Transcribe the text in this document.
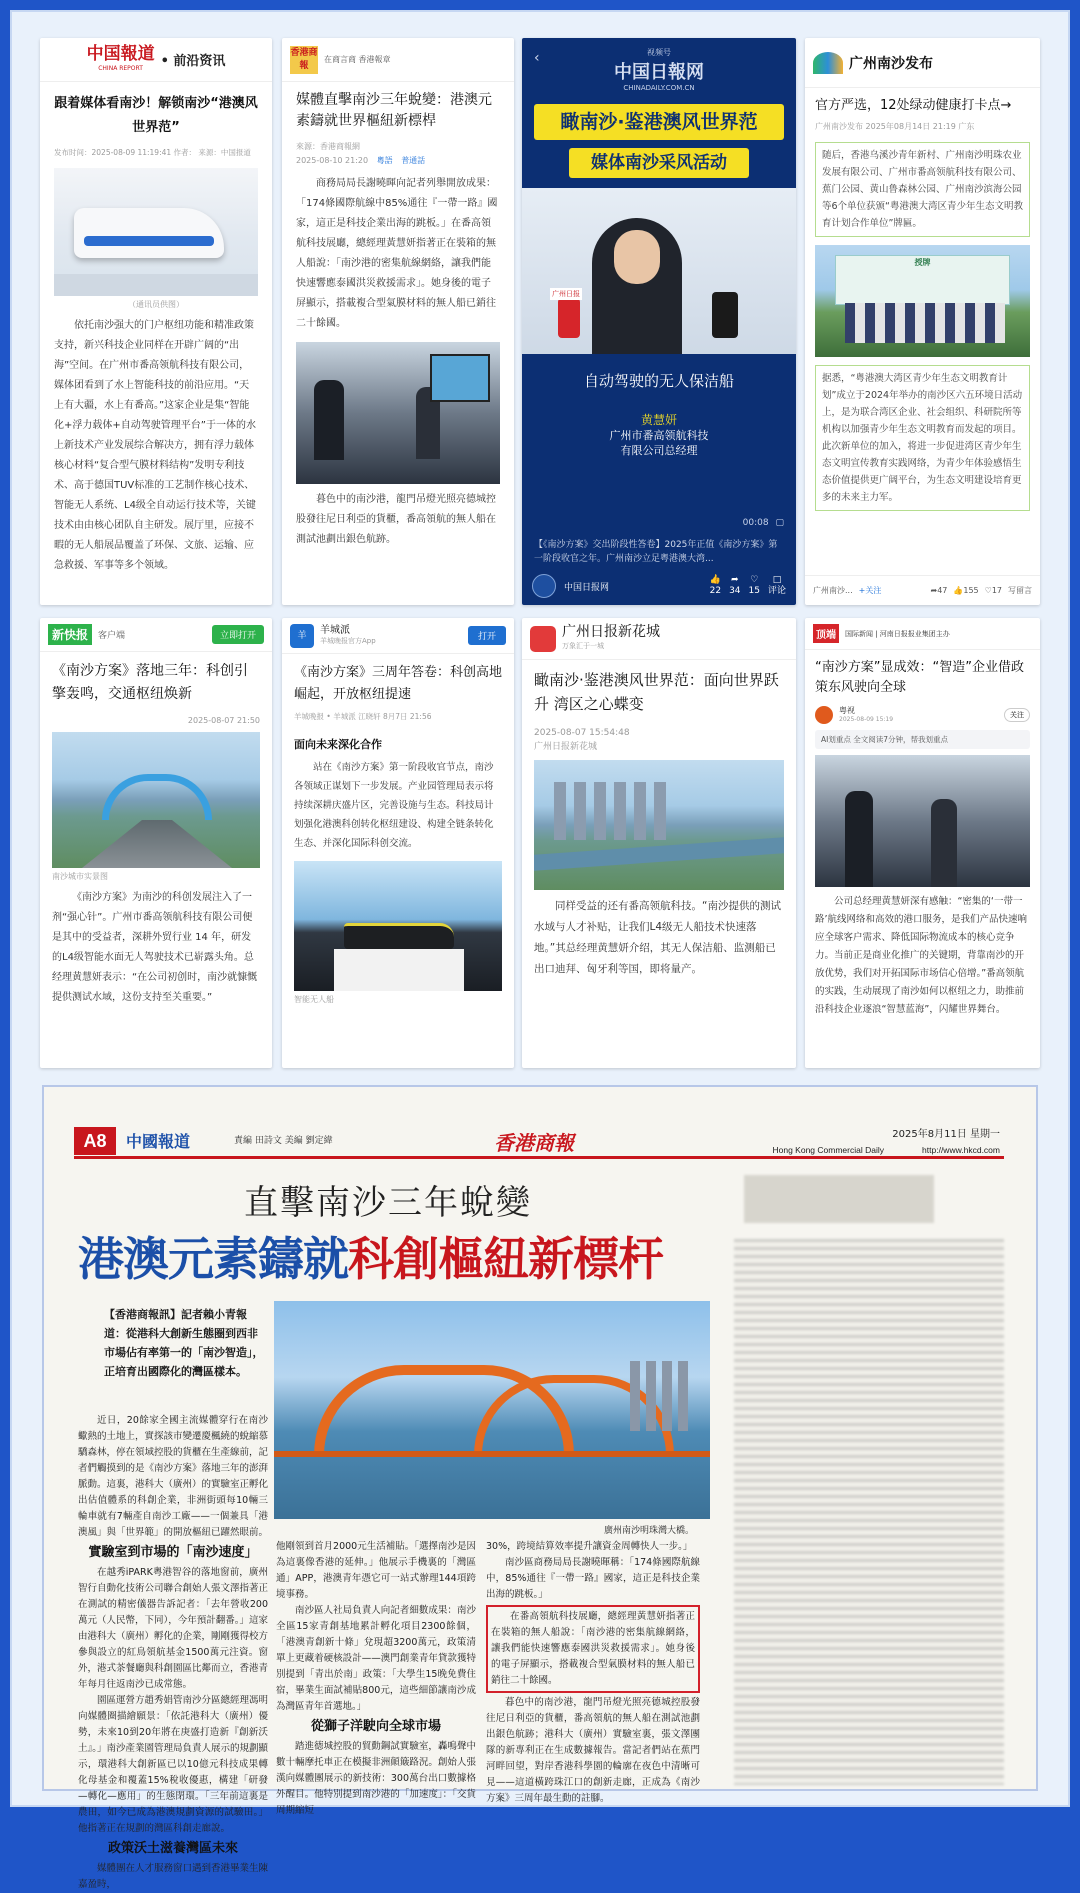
中国報道
CHINA REPORT	• 前沿资讯
跟着媒体看南沙！解锁南沙“港澳风世界范”
发布时间：2025-08-09 11:19:41 作者： 来源：中国报道
（通讯员供图）
依托南沙强大的门户枢纽功能和精准政策支持，新兴科技企业同样在开辟广阔的“出海”空间。在广州市番高领航科技有限公司，媒体团看到了水上智能科技的前沿应用。“天上有大疆，水上有番高。”这家企业是集“智能化+浮力载体+自动驾驶管理平台”于一体的水上新技术产业发展综合解决方，拥有浮力载体核心材料“复合型气膜材料结构”发明专利技术、高于德国TUV标准的工艺制作核心技术、智能无人系统、L4级全自动运行技术等，关键技术由由核心团队自主研发。展厅里，应接不暇的无人船展品覆盖了环保、文旅、运输、应急救援、军事等多个领域。
香港商報
在商言商 香港報章
媒體直擊南沙三年蛻變：港澳元素鑄就世界樞紐新標桿
來源：香港商報網
2025-08-10 21:20 粵語 普通話
商務局局長謝曉暉向記者列舉開放成果：「174條國際航線中85%通往『一帶一路』國家，這正是科技企業出海的跳板。」在番高領航科技展廳，總經理黃慧妍指著正在裝箱的無人船說：「南沙港的密集航線網絡，讓我們能快速響應泰國洪災救援需求」。她身後的電子屏顯示，搭載複合型氣膜材料的無人船已銷往二十餘國。
暮色中的南沙港，龍門吊燈光照亮德城控股發往尼日利亞的貨櫃，番高領航的無人船在測試池劃出銀色航跡。
‹	视频号
中国日報网
CHINADAILY.COM.CN
瞰南沙·鉴港澳风世界范
媒体南沙采风活动
广州日报
自动驾驶的无人保洁船
黄慧妍
广州市番高领航科技
有限公司总经理
00:08 ▢
【《南沙方案》交出阶段性答卷】2025年正值《南沙方案》第一阶段收官之年。广州南沙立足粤港澳大湾...
中国日报网
👍
22
➦
34
♡
15
□
评论
广州南沙发布
官方严选，12处绿动健康打卡点→
广州南沙发布 2025年08月14日 21:19 广东
随后，香港乌溪沙青年新村、广州南沙明珠农业发展有限公司、广州市番高领航科技有限公司、蕉门公园、黄山鲁森林公园、广州南沙滨海公园等6个单位获颁“粤港澳大湾区青少年生态文明教育计划合作单位”牌匾。
授牌
据悉，“粤港澳大湾区青少年生态文明教育计划”成立于2024年举办的南沙区六五环境日活动上，是为联合湾区企业、社会组织、科研院所等机构以加强青少年生态文明教育而发起的项目。此次新单位的加入，将进一步促进湾区青少年生态文明宣传教育实践网络，为青少年体验感悟生态价值提供更广阔平台，为生态文明建设培育更多的未来主力军。
广州南沙... +关注	➦47 👍155 ♡17 写留言
新快报	客户端	立即打开
《南沙方案》落地三年：科创引擎轰鸣，交通枢纽焕新
2025-08-07 21:50
南沙城市实景图
《南沙方案》为南沙的科创发展注入了一剂“强心针”。广州市番高领航科技有限公司便是其中的受益者，深耕外贸行业 14 年，研发的L4级智能水面无人驾驶技术已崭露头角。总经理黄慧妍表示：“在公司初创时，南沙就慷慨提供测试水域，这份支持至关重要。”
羊	羊城派
羊城晚报官方App	打开
《南沙方案》三周年答卷：科创高地崛起，开放枢纽提速
羊城晚报 • 羊城派 江晓轩 8月7日 21:56
面向未来深化合作
站在《南沙方案》第一阶段收官节点，南沙各领域正谋划下一步发展。产业园管理局表示将持续深耕庆盛片区，完善设施与生态。科技局计划强化港澳科创转化枢纽建设、构建全链条转化生态、并深化国际科创交流。
智能无人船
广州日报新花城
万象汇于一城
瞰南沙·鉴港澳风世界范：面向世界跃升 湾区之心蝶变
2025-08-07 15:54:48
广州日报新花城
同样受益的还有番高领航科技。“南沙提供的测试水域与人才补贴，让我们L4级无人船技术快速落地。”其总经理黄慧妍介绍，其无人保洁船、监测船已出口迪拜、匈牙利等国，即将量产。
顶端	国际新闻 | 河南日报报业集团主办
“南沙方案”显成效：“智造”企业借政策东风驶向全球
粤视
2025-08-09 15:19
关注
AI划重点 全文阅读7分钟，帮我划重点
公司总经理黄慧妍深有感触：“密集的‘一带一路’航线网络和高效的港口服务，是我们产品快速响应全球客户需求、降低国际物流成本的核心竞争力。当前正是商业化推广的关键期，背靠南沙的开放优势，我们对开拓国际市场信心倍增。”番高领航的实践，生动展现了南沙如何以枢纽之力，助推前沿科技企业逐浪“智慧蓝海”，闪耀世界舞台。
A8	中國報道	責編 田詩文 美編 劉定緯	香港商報	2025年8月11日 星期一
Hong Kong Commercial Daily	http://www.hkcd.com
直擊南沙三年蛻變
港澳元素鑄就科創樞紐新標杆
【香港商報訊】記者賴小青報道：從港科大創新生態圈到西非市場佔有率第一的「南沙智造」，正培育出國際化的灣區樣本。
廣州南沙明珠灣大橋。
近日，20餘家全國主流媒體穿行在南沙蠍熱的土地上，實探該市變遷慶楓繞的蛻縮慕驕森林，停在領域控股的貨櫃在生產線前，記者們觸摸到的是《南沙方案》落地三年的澎湃脈動。這裏，港科大（廣州）的實驗室正孵化出估值體系的科創企業，非洲街頭每10輛三輪車就有7輛產自南沙工廠——一個兼具「港澳風」與「世界範」的開放樞紐已躍然眼前。
實驗室到市場的「南沙速度」
在越秀iPARK粵港智谷的落地窗前，廣州智行自動化技術公司聯合創始人張文澤指著正在測試的精密儀器告訴記者：「去年營收200萬元（人民幣，下同），今年預計翻番。」這家由港科大（廣州）孵化的企業，剛剛獲得校方參與設立的紅鳥領航基金1500萬元注資。窗外，港式茶餐廳與科創園區比鄰而立，香港青年每月往返南沙已成常態。
園區運營方趙秀娟管南沙分區總經理馮明向媒體圈描繪願景：「依託港科大（廣州）優勢，未來10到20年將在庚盛打造新『創新沃土』。」南沙產業園管理局負責人展示的規劃顯示，環港科大創新區已以10億元科技成果轉化母基金和覆蓋15%稅收優惠，構建「研發—轉化—應用」的生態閉環。「三年前這裏是農田，如今已成為港澳規劃資源的試驗田。」他指著正在規劃的灣區科創走廊說。
政策沃土滋養灣區未來
媒體團在人才服務窗口遇到香港畢業生陳嘉盈時，
他剛領到首月2000元生活補貼。「選擇南沙是因為這裏像香港的延伸。」他展示手機裏的「灣區通」APP，港澳青年憑它可一站式辦理144項跨境事務。
南沙區人社局負責人向記者細數成果：南沙全區15家青創基地累計孵化項目2300餘個，「港澳青創新十條」兌現超3200萬元，政策清單上更藏着硬核設計——澳門創業青年貸款獲特別提到「青出於南」政策：「大學生15晚免費住宿，畢業生面試補貼800元，這些細節讓南沙成為灣區青年首選地。」
從獅子洋駛向全球市場
踏進德城控股的貿動鋼試實驗室，轟鳴聲中數十輛摩托車正在模擬非洲顛簸路況。創始人張漢向媒體團展示的新技術：300萬台出口數據格外醒目。他特別提到南沙港的「加速度」：「交貨周期縮短
30%，跨境結算效率提升讓資金周轉快人一步。」
南沙區商務局局長謝曉暉稱：「174條國際航線中，85%通往『一帶一路』國家，這正是科技企業出海的跳板。」
在番高領航科技展廳，總經理黃慧妍指著正在裝箱的無人船說：「南沙港的密集航線網絡，讓我們能快速響應泰國洪災救援需求」。她身後的電子屏顯示，搭載複合型氣膜材料的無人船已銷往二十餘國。
暮色中的南沙港，龍門吊燈光照亮德城控股發往尼日利亞的貨櫃，番高領航的無人船在測試池劃出銀色航跡；港科大（廣州）實驗室裏，張文澤團隊的新專利正在生成數據報告。當記者們站在蕉門河畔回望，對岸香港科學園的輪廓在夜色中清晰可見——這道橫跨珠江口的創新走廊，正成為《南沙方案》三周年最生動的註腳。
